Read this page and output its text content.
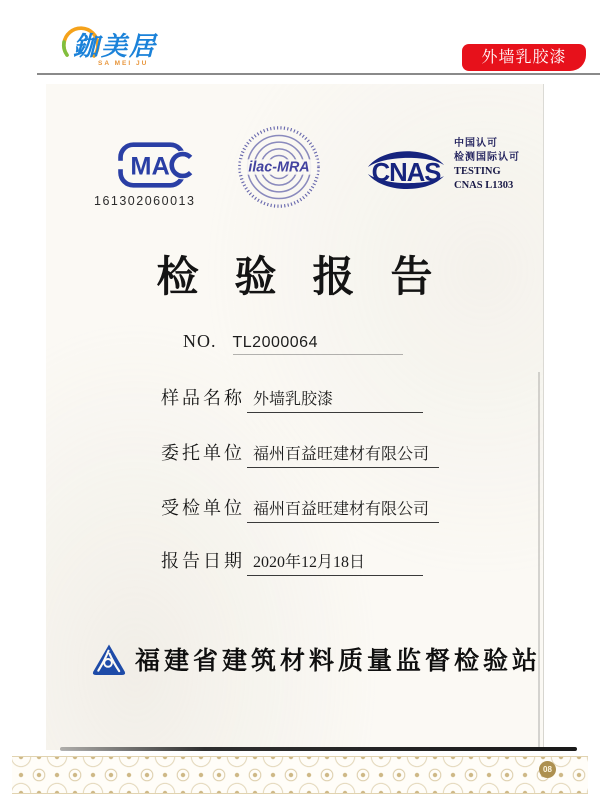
鉫美居
SA MEI JU	外墙乳胶漆
MA
161302060013
ilac-MRA CNAS
中国认可
检测国际认可
TESTING
CNAS L1303
检验报告
NO. TL2000064
样品名称 外墙乳胶漆
委托单位 福州百益旺建材有限公司
受检单位 福州百益旺建材有限公司
报告日期 2020年12月18日
福建省建筑材料质量监督检验站
08
